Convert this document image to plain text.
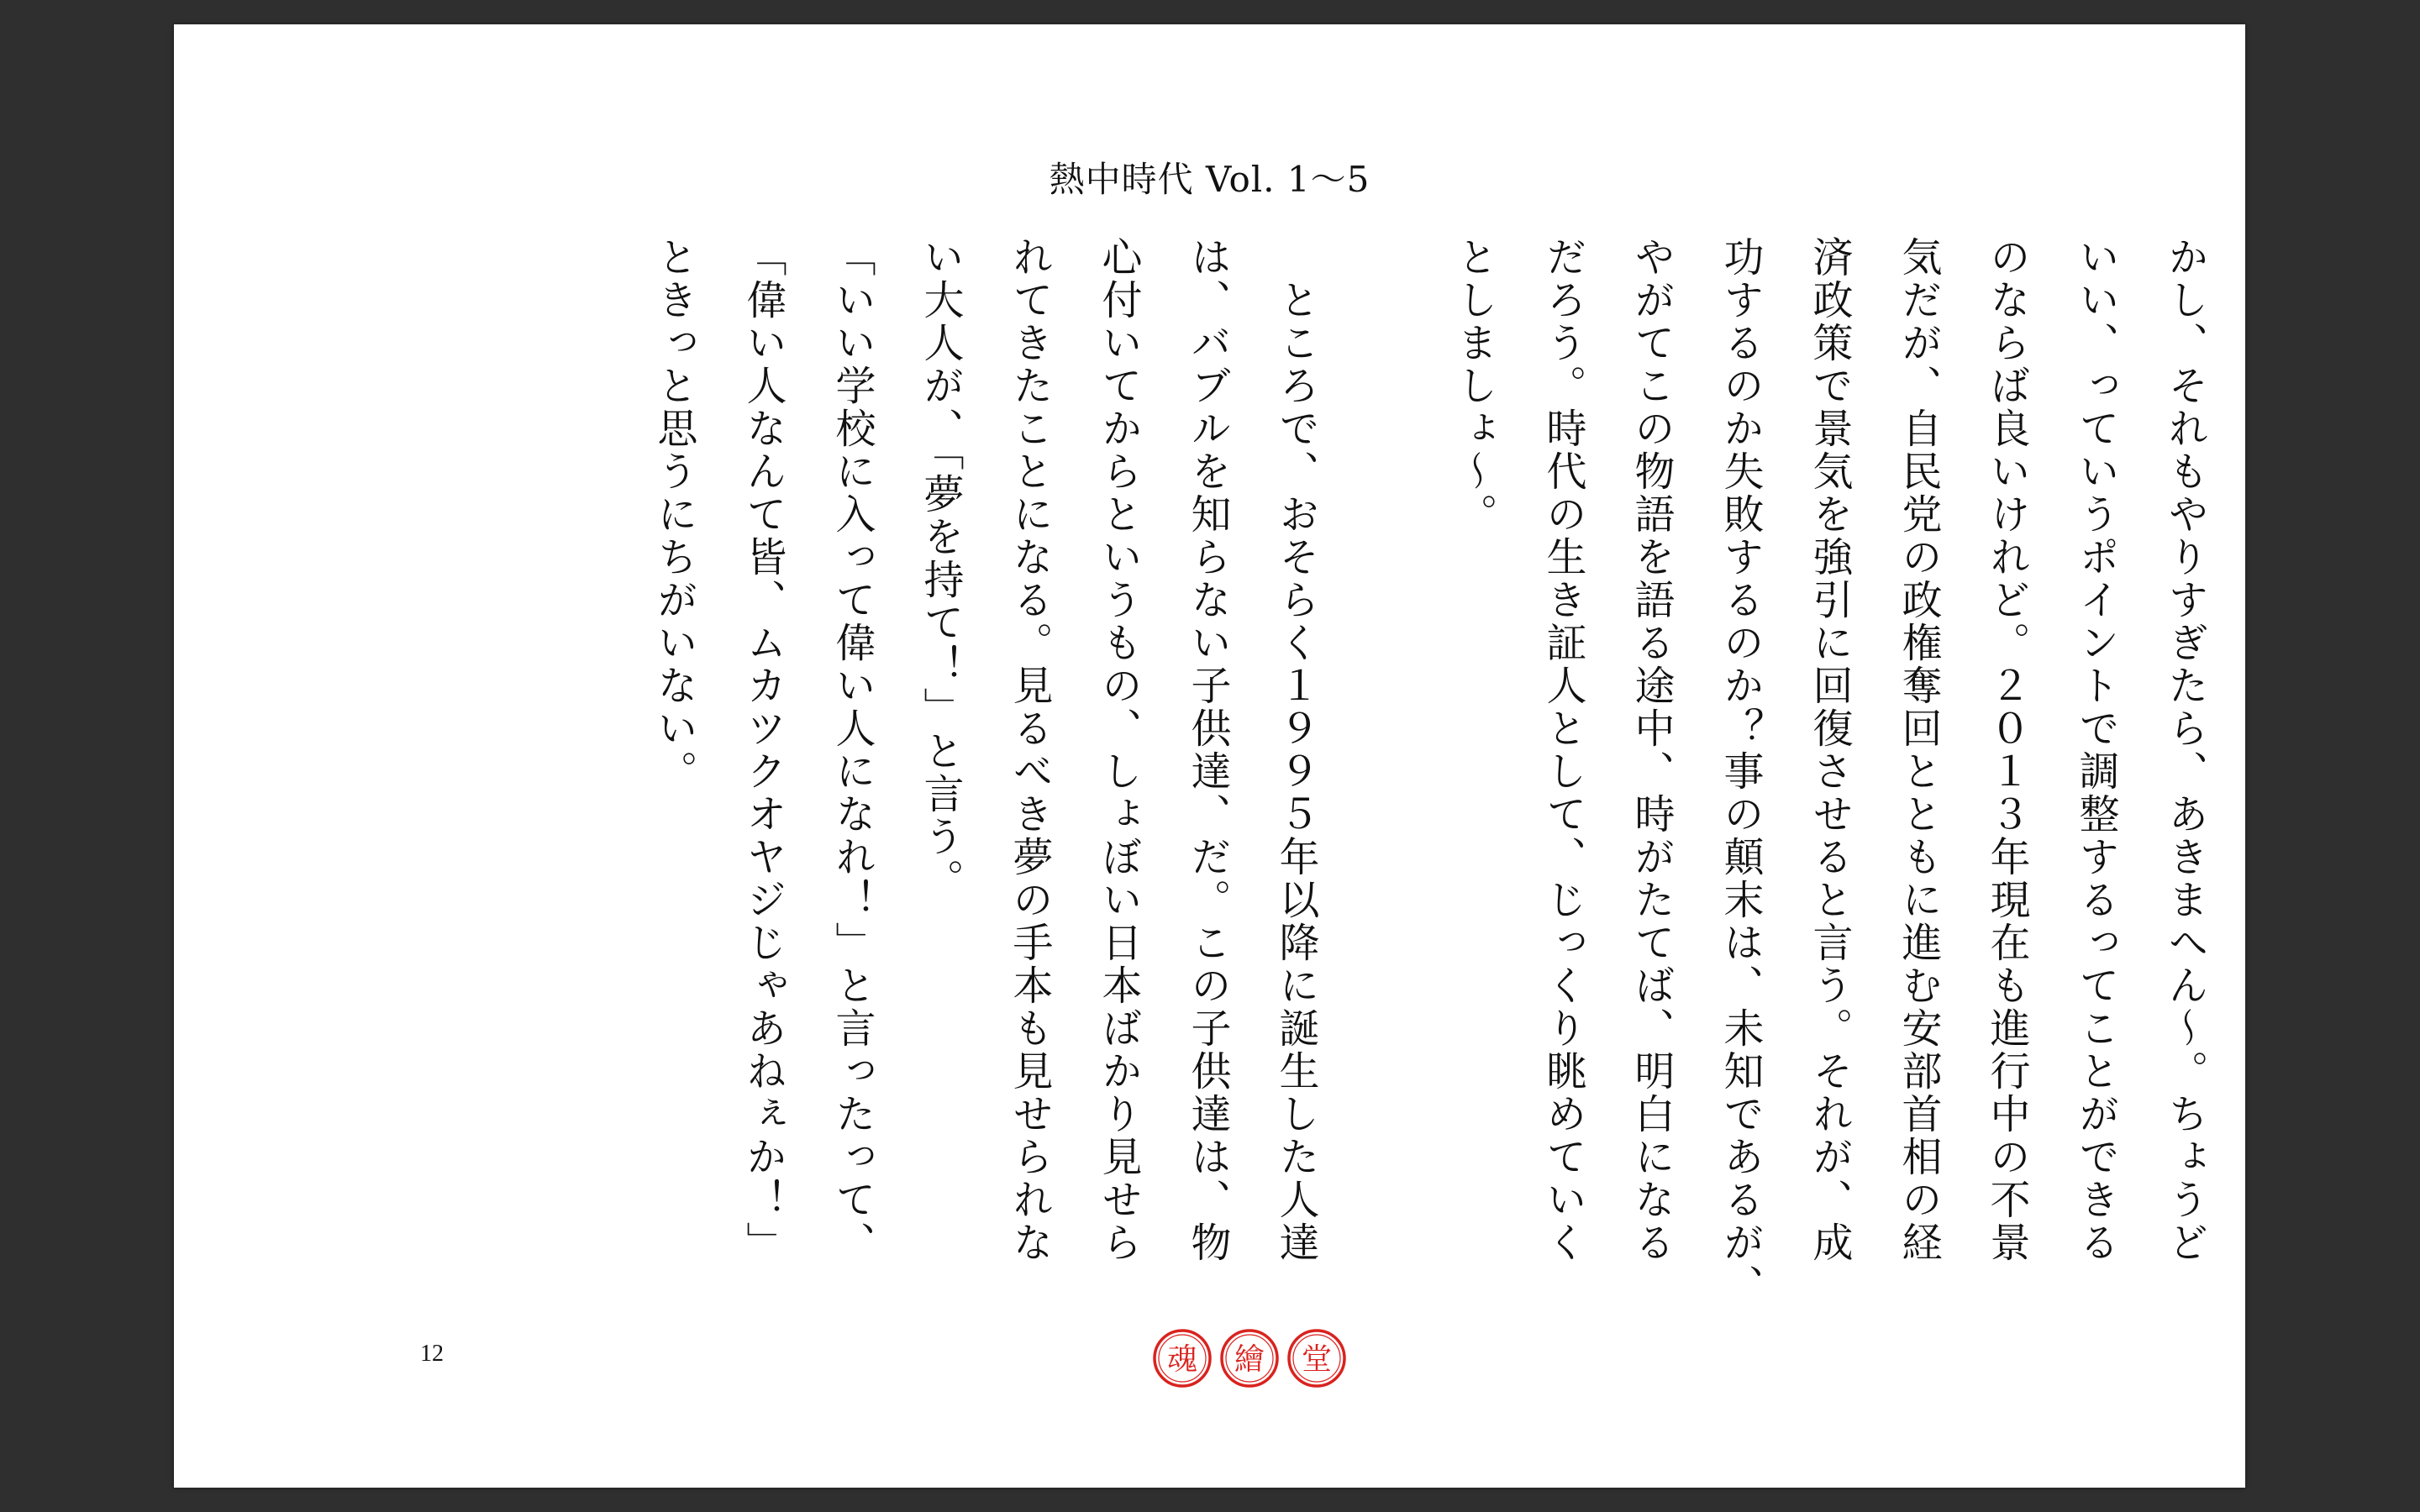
熱中時代 Vol. 1〜5
かし、それもやりすぎたら、あきまへん〜。ちょうど
いい、っていうポイントで調整するってことができる
のならば良いけれど。２０１３年現在も進行中の不景
気だが、自民党の政権奪回とともに進む安部首相の経
済政策で景気を強引に回復させると言う。それが、成
功するのか失敗するのか？事の顛末は、未知であるが、
やがてこの物語を語る途中、時がたてば、明白になる
だろう。時代の生き証人として、じっくり眺めていく
としましょ〜。
　ところで、おそらく１９９５年以降に誕生した人達
は、バブルを知らない子供達、だ。この子供達は、物
心付いてからというもの、しょぼい日本ばかり見せら
れてきたことになる。見るべき夢の手本も見せられな
い大人が、「夢を持て！」と言う。
「いい学校に入って偉い人になれ！」と言ったって、
「偉い人なんて皆、ムカツクオヤジじゃあねぇか！」
ときっと思うにちがいない。
12	魂 繪 堂
